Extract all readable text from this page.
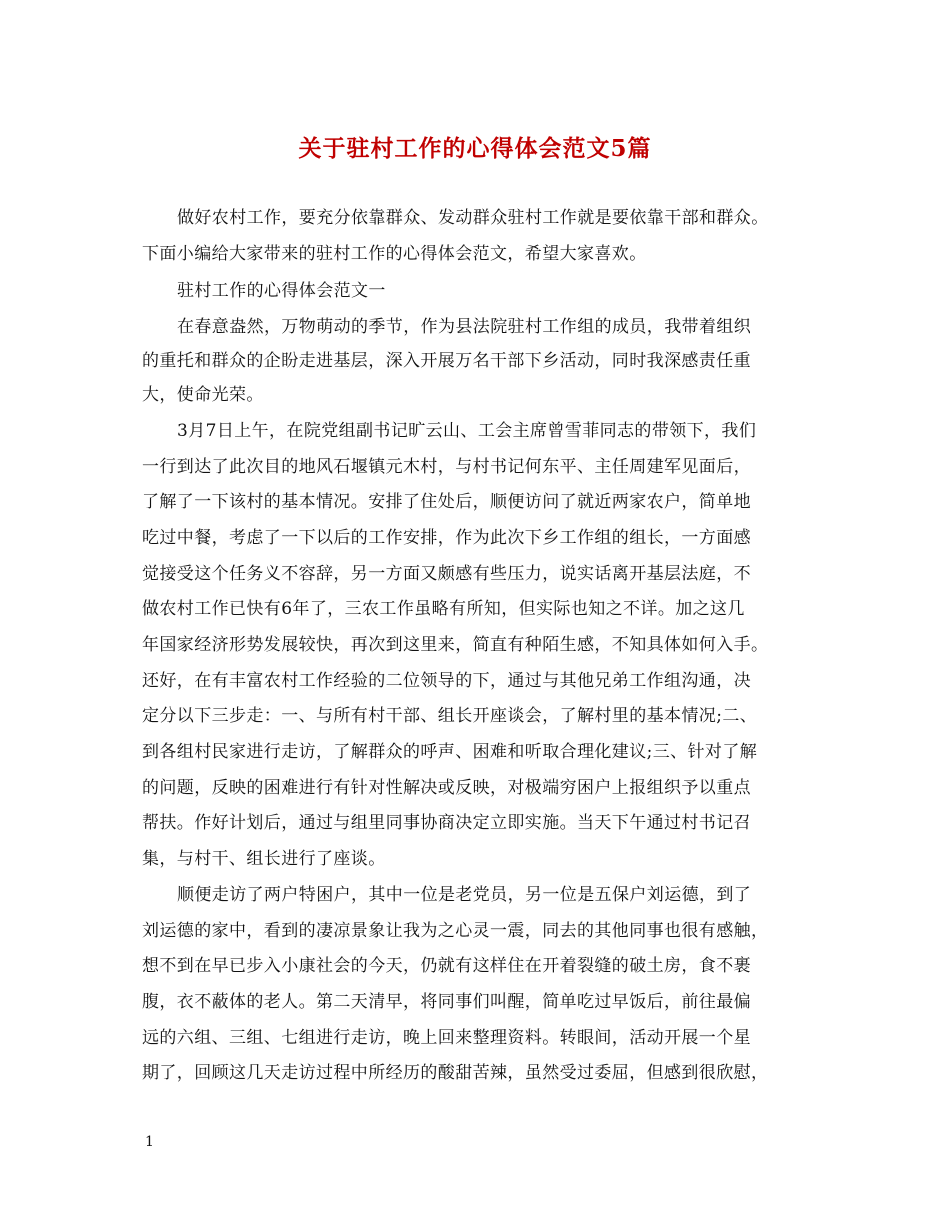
关于驻村工作的心得体会范文5篇
做好农村工作，要充分依靠群众、发动群众驻村工作就是要依靠干部和群众。
下面小编给大家带来的驻村工作的心得体会范文，希望大家喜欢。
驻村工作的心得体会范文一
在春意盎然，万物萌动的季节，作为县法院驻村工作组的成员，我带着组织
的重托和群众的企盼走进基层，深入开展万名干部下乡活动，同时我深感责任重
大，使命光荣。
3月7日上午，在院党组副书记旷云山、工会主席曾雪菲同志的带领下，我们
一行到达了此次目的地风石堰镇元木村，与村书记何东平、主任周建军见面后，
了解了一下该村的基本情况。安排了住处后，顺便访问了就近两家农户，简单地
吃过中餐，考虑了一下以后的工作安排，作为此次下乡工作组的组长，一方面感
觉接受这个任务义不容辞，另一方面又颇感有些压力，说实话离开基层法庭，不
做农村工作已快有6年了，三农工作虽略有所知，但实际也知之不详。加之这几
年国家经济形势发展较快，再次到这里来，简直有种陌生感，不知具体如何入手。
还好，在有丰富农村工作经验的二位领导的下，通过与其他兄弟工作组沟通，决
定分以下三步走：一、与所有村干部、组长开座谈会，了解村里的基本情况;二、
到各组村民家进行走访，了解群众的呼声、困难和听取合理化建议;三、针对了解
的问题，反映的困难进行有针对性解决或反映，对极端穷困户上报组织予以重点
帮扶。作好计划后，通过与组里同事协商决定立即实施。当天下午通过村书记召
集，与村干、组长进行了座谈。
顺便走访了两户特困户，其中一位是老党员，另一位是五保户刘运德，到了
刘运德的家中，看到的凄凉景象让我为之心灵一震，同去的其他同事也很有感触，
想不到在早已步入小康社会的今天，仍就有这样住在开着裂缝的破土房，食不裹
腹，衣不蔽体的老人。第二天清早，将同事们叫醒，简单吃过早饭后，前往最偏
远的六组、三组、七组进行走访，晚上回来整理资料。转眼间，活动开展一个星
期了，回顾这几天走访过程中所经历的酸甜苦辣，虽然受过委屈，但感到很欣慰，
1
